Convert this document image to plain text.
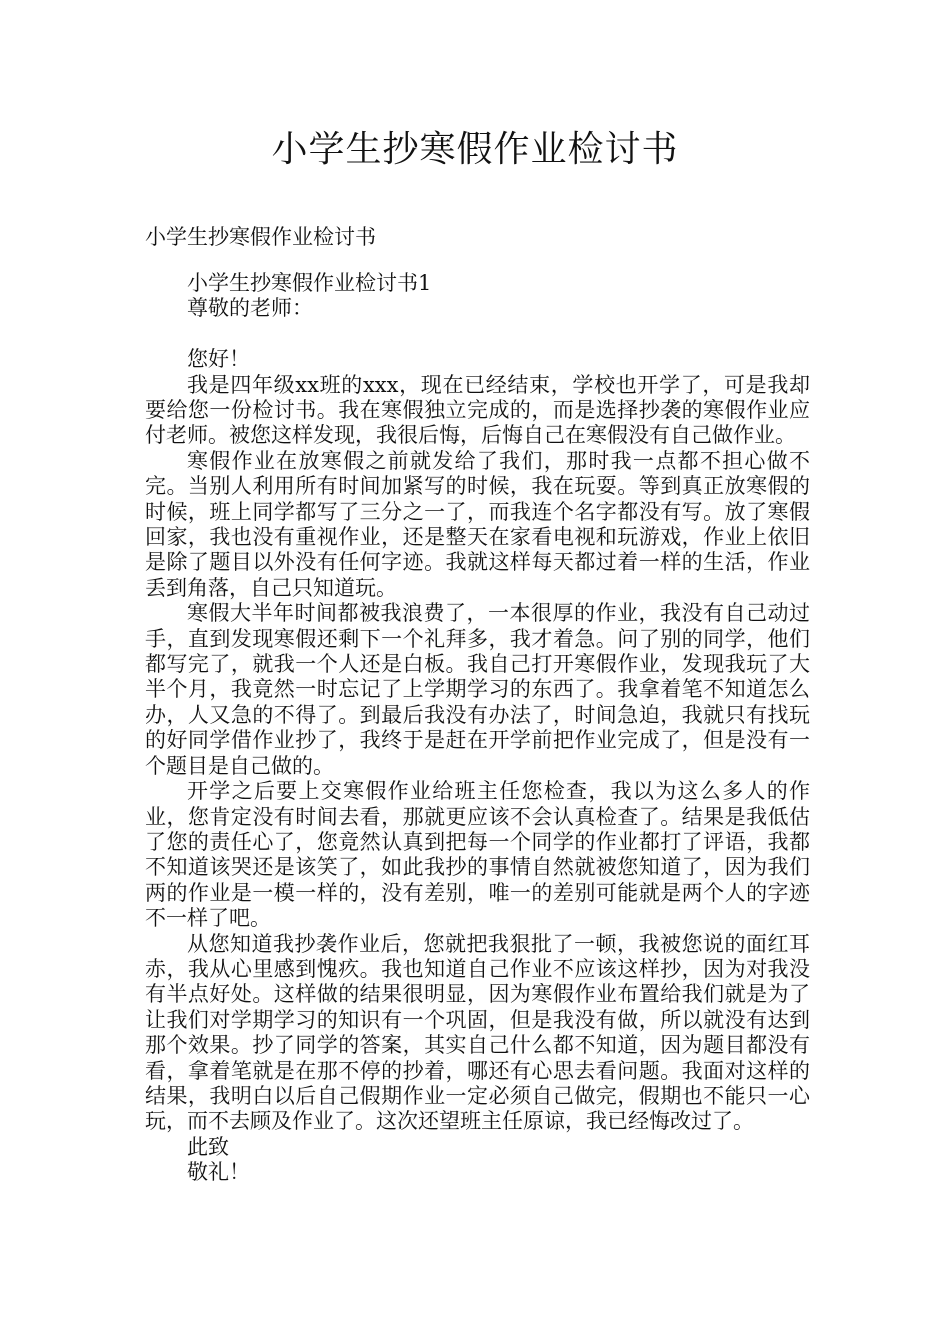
小学生抄寒假作业检讨书
小学生抄寒假作业检讨书

小学生抄寒假作业检讨书1

尊敬的老师：

您好！

我是四年级xx班的xxx，现在已经结束，学校也开学了，可是我却要给您一份检讨书。我在寒假独立完成的，而是选择抄袭的寒假作业应付老师。被您这样发现，我很后悔，后悔自己在寒假没有自己做作业。

寒假作业在放寒假之前就发给了我们，那时我一点都不担心做不完。当别人利用所有时间加紧写的时候，我在玩耍。等到真正放寒假的时候，班上同学都写了三分之一了，而我连个名字都没有写。放了寒假回家，我也没有重视作业，还是整天在家看电视和玩游戏，作业上依旧是除了题目以外没有任何字迹。我就这样每天都过着一样的生活，作业丢到角落，自己只知道玩。

寒假大半年时间都被我浪费了，一本很厚的作业，我没有自己动过手，直到发现寒假还剩下一个礼拜多，我才着急。问了别的同学，他们都写完了，就我一个人还是白板。我自己打开寒假作业，发现我玩了大半个月，我竟然一时忘记了上学期学习的东西了。我拿着笔不知道怎么办，人又急的不得了。到最后我没有办法了，时间急迫，我就只有找玩的好同学借作业抄了，我终于是赶在开学前把作业完成了，但是没有一个题目是自己做的。

开学之后要上交寒假作业给班主任您检查，我以为这么多人的作业，您肯定没有时间去看，那就更应该不会认真检查了。结果是我低估了您的责任心了，您竟然认真到把每一个同学的作业都打了评语，我都不知道该哭还是该笑了，如此我抄的事情自然就被您知道了，因为我们两的作业是一模一样的，没有差别，唯一的差别可能就是两个人的字迹不一样了吧。

从您知道我抄袭作业后，您就把我狠批了一顿，我被您说的面红耳赤，我从心里感到愧疚。我也知道自己作业不应该这样抄，因为对我没有半点好处。这样做的结果很明显，因为寒假作业布置给我们就是为了让我们对学期学习的知识有一个巩固，但是我没有做，所以就没有达到那个效果。抄了同学的答案，其实自己什么都不知道，因为题目都没有看，拿着笔就是在那不停的抄着，哪还有心思去看问题。我面对这样的结果，我明白以后自己假期作业一定必须自己做完，假期也不能只一心玩，而不去顾及作业了。这次还望班主任原谅，我已经悔改过了。

此致

敬礼！
